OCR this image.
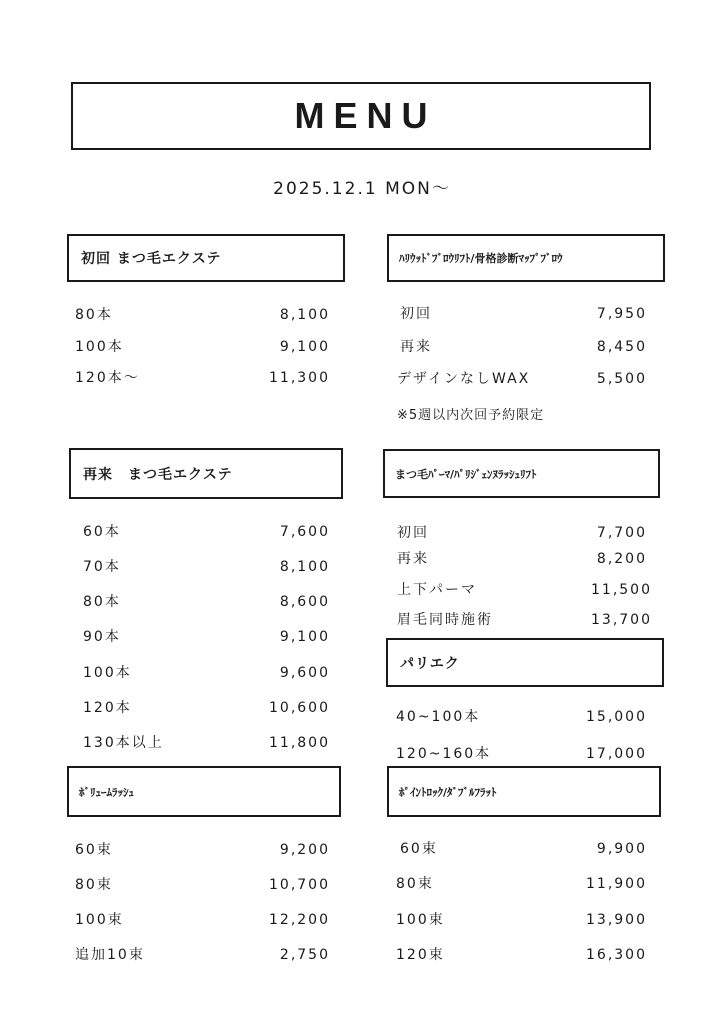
MENU
2025.12.1 MON〜
初回 まつ毛エクステ
80本	8,100
100本	9,100
120本〜	11,300
ﾊﾘｳｯﾄﾞﾌﾞﾛｳﾘﾌﾄ/骨格診断ﾏｯﾌﾟﾌﾞﾛｳ
初回	7,950
再来	8,450
デザインなしWAX	5,500
※5週以内次回予約限定
再来　まつ毛エクステ
60本	7,600
70本	8,100
80本	8,600
90本	9,100
100本	9,600
120本	10,600
130本以上	11,800
まつ毛ﾊﾟｰﾏ/ﾊﾟﾘｼﾞｪﾝﾇﾗｯｼｭﾘﾌﾄ
初回	7,700
再来	8,200
上下パーマ	11,500
眉毛同時施術	13,700
パリエク
40~100本	15,000
120~160本	17,000
ﾎﾞﾘｭｰﾑﾗｯｼｭ
60束	9,200
80束	10,700
100束	12,200
追加10束	2,750
ﾎﾟｲﾝﾄﾛｯｸ/ﾀﾞﾌﾞﾙﾌﾗｯﾄ
60束	9,900
80束	11,900
100束	13,900
120束	16,300
